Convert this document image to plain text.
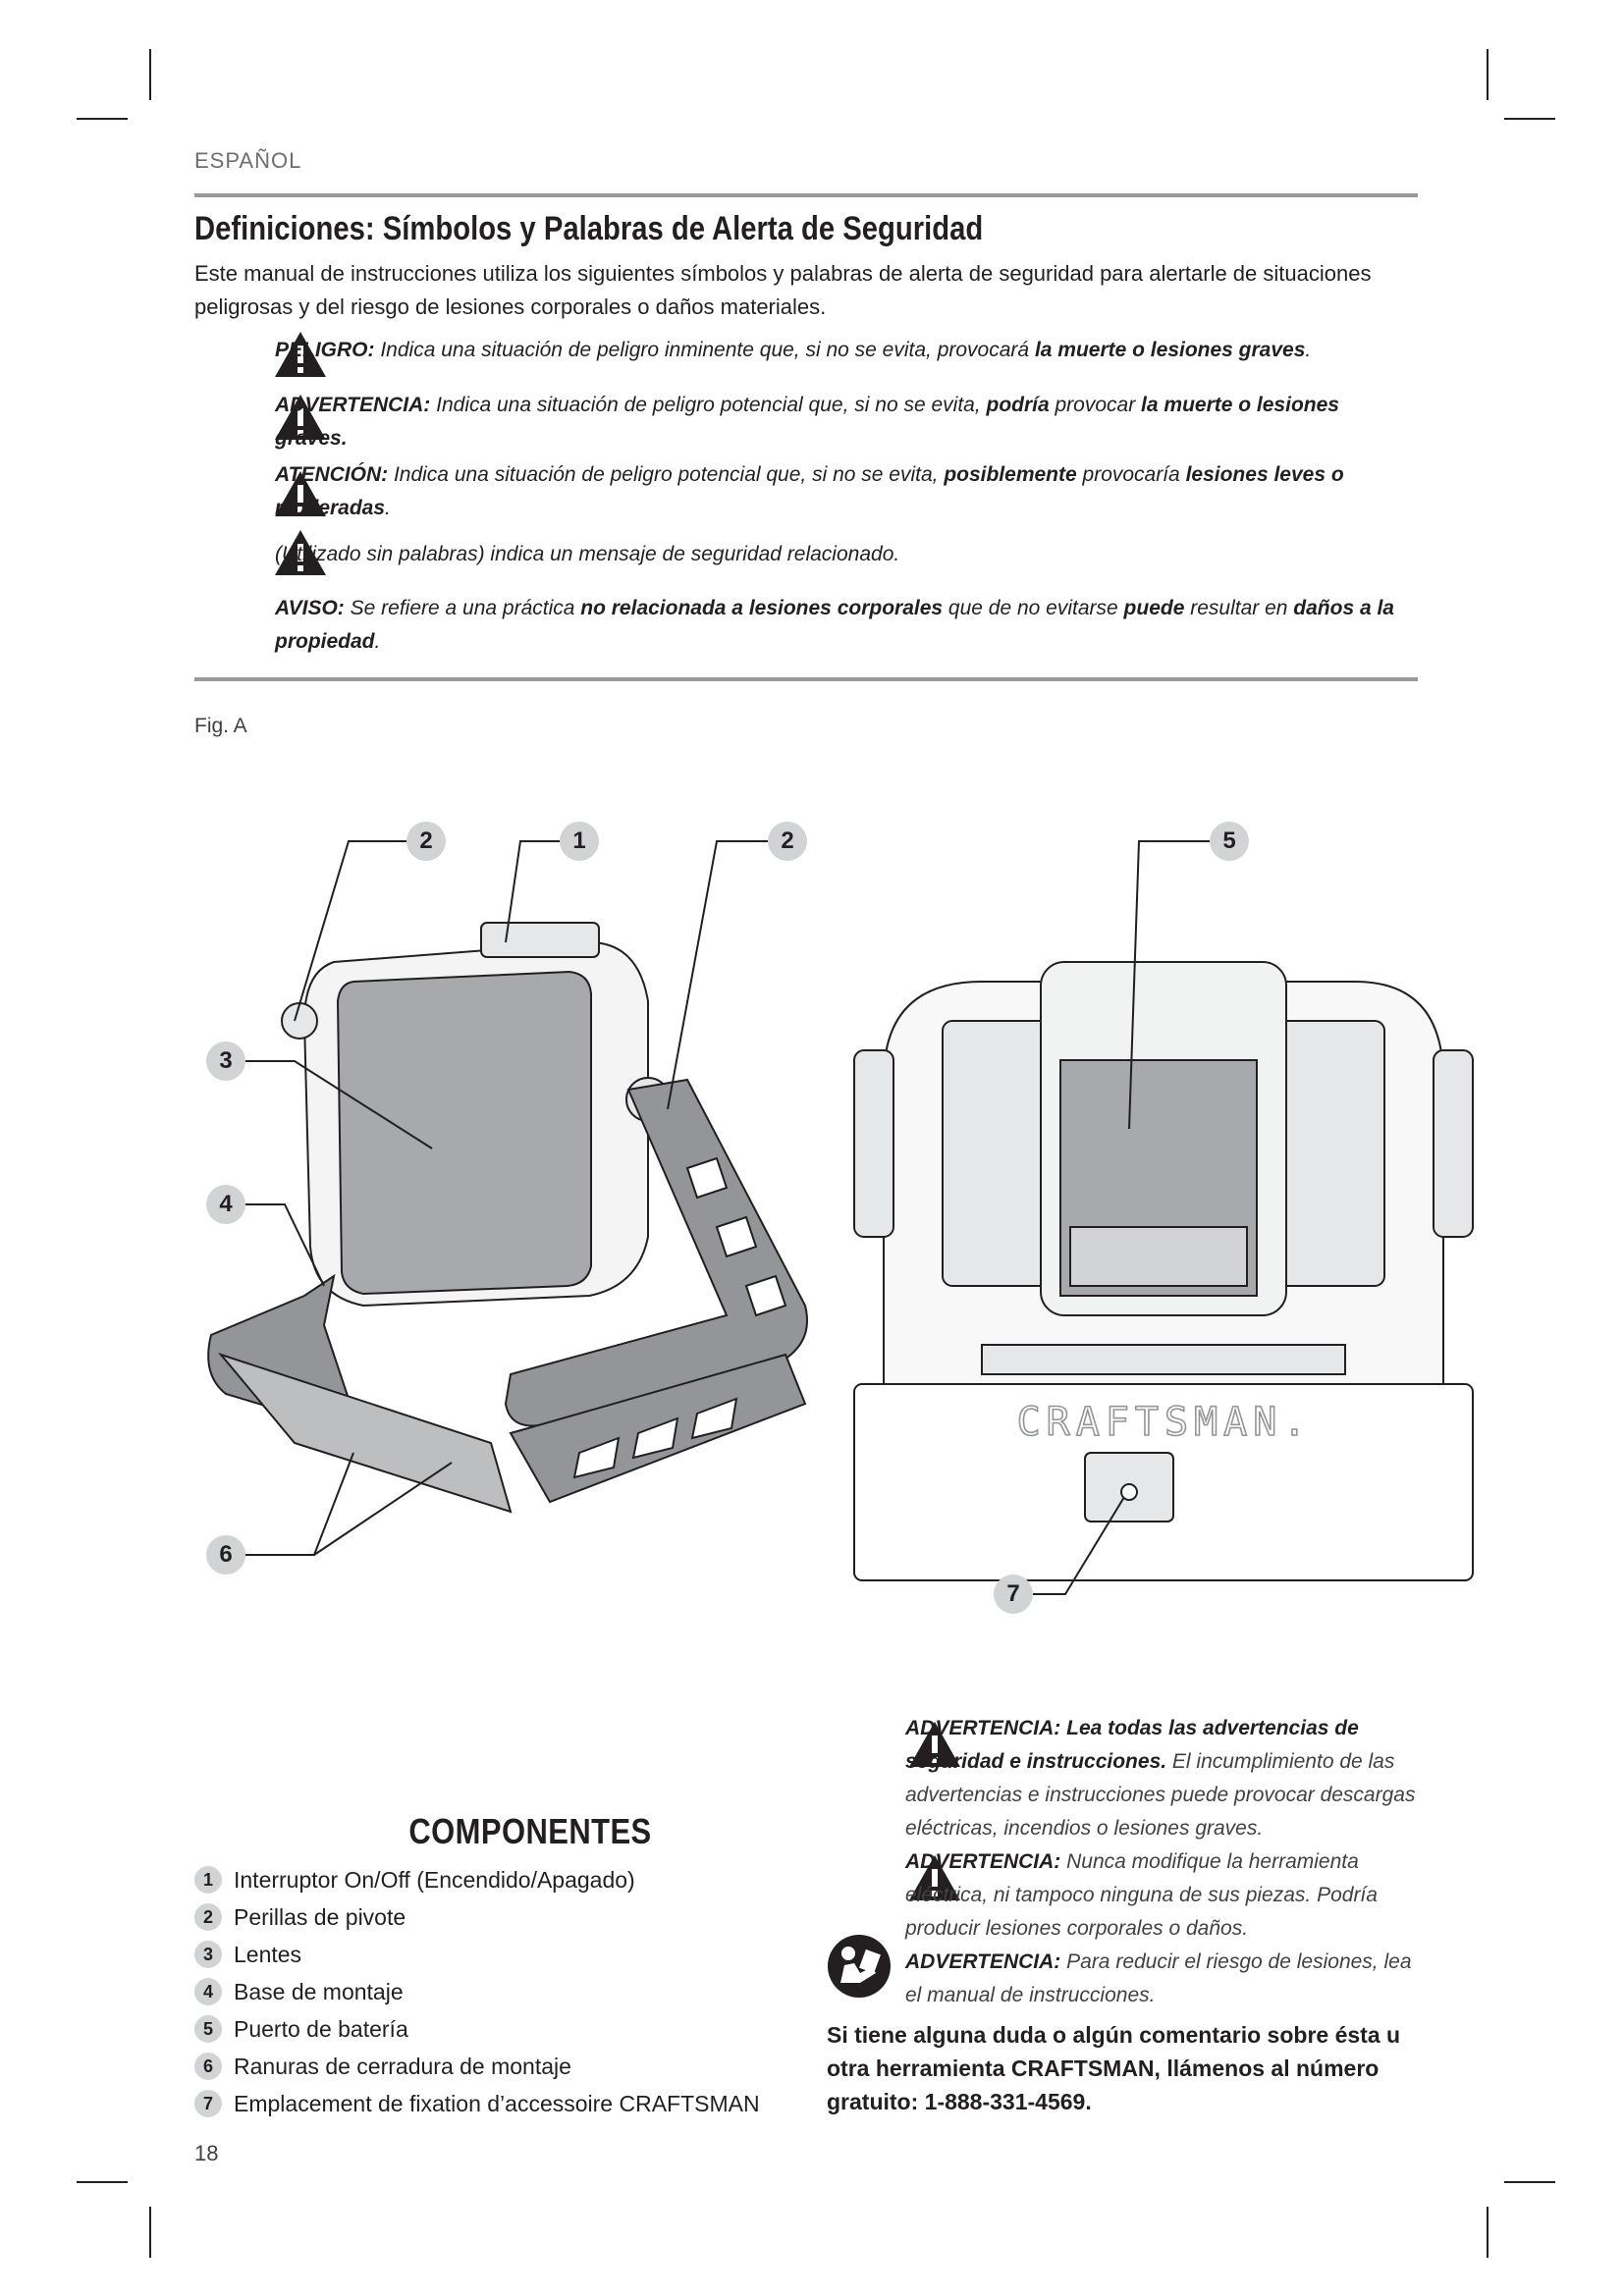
ESPAÑOL
Definiciones: Símbolos y Palabras de Alerta de Seguridad

Este manual de instrucciones utiliza los siguientes símbolos y palabras de alerta de seguridad para alertarle de situaciones peligrosas y del riesgo de lesiones corporales o daños materiales.

PELIGRO: Indica una situación de peligro inminente que, si no se evita, provocará la muerte o lesiones graves.

ADVERTENCIA: Indica una situación de peligro potencial que, si no se evita, podría provocar la muerte o lesiones graves.

ATENCIÓN: Indica una situación de peligro potencial que, si no se evita, posiblemente provocaría lesiones leves o moderadas.

(Utilizado sin palabras) indica un mensaje de seguridad relacionado.

AVISO: Se refiere a una práctica no relacionada a lesiones corporales que de no evitarse puede resultar en daños a la propiedad.

Fig. A
CRAFTSMAN.
2	1	2
3
4
5
6
7
COMPONENTES
1 Interruptor On/Off (Encendido/Apagado)
2 Perillas de pivote
3 Lentes
4 Base de montaje
5 Puerto de batería
6 Ranuras de cerradura de montaje
7 Emplacement de fixation d’accessoire CRAFTSMAN

ADVERTENCIA: Lea todas las advertencias de seguridad e instrucciones. El incumplimiento de las advertencias e instrucciones puede provocar descargas eléctricas, incendios o lesiones graves.

ADVERTENCIA: Nunca modifique la herramienta eléctrica, ni tampoco ninguna de sus piezas. Podría producir lesiones corporales o daños.

ADVERTENCIA: Para reducir el riesgo de lesiones, lea el manual de instrucciones.

Si tiene alguna duda o algún comentario sobre ésta u otra herramienta CRAFTSMAN, llámenos al número gratuito: 1-888-331-4569.

18
